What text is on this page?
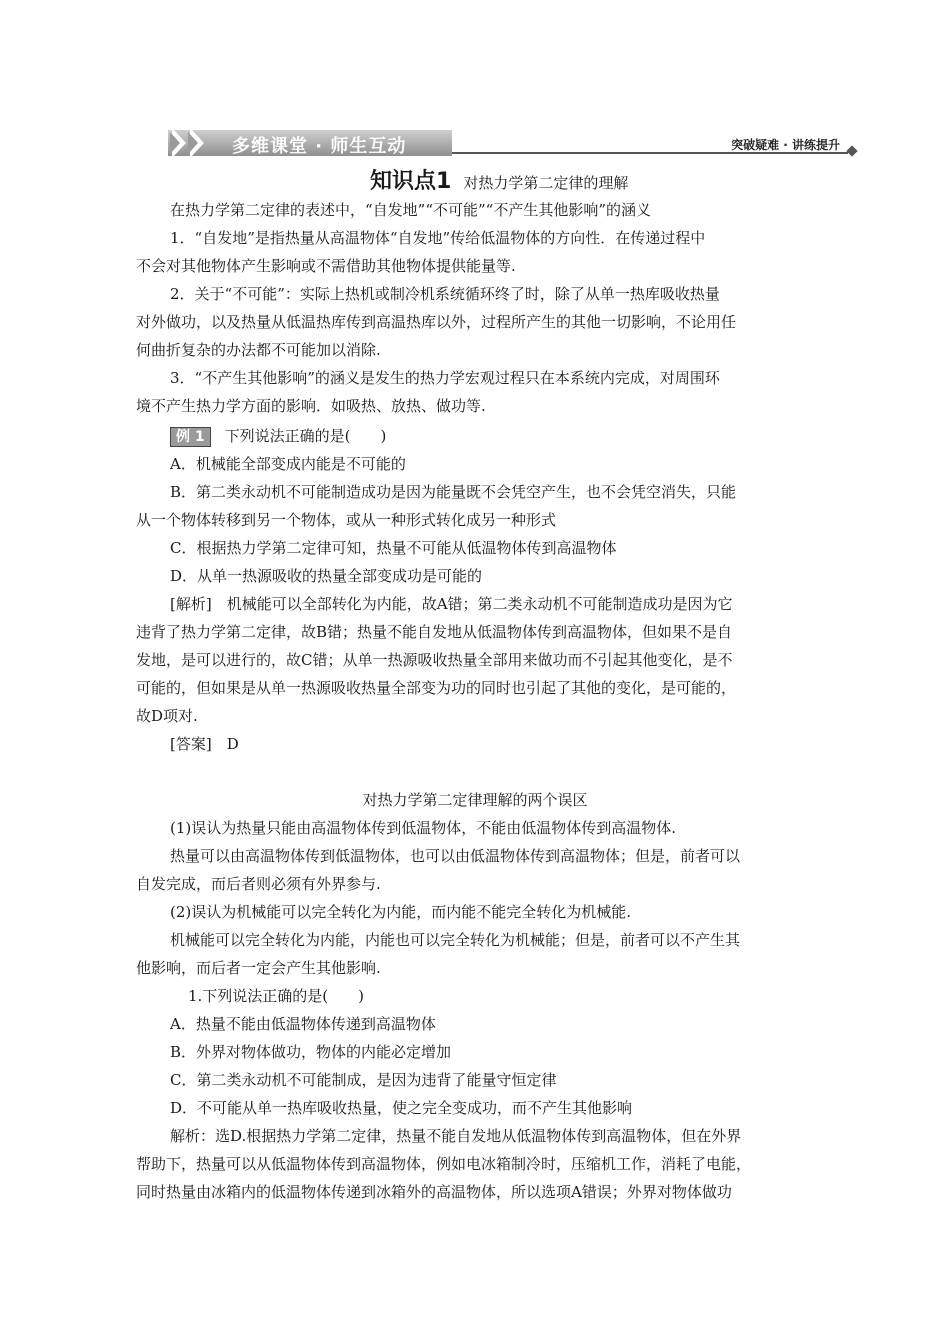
多维课堂 · 师生互动	突破疑难 · 讲练提升
知识点1 对热力学第二定律的理解
在热力学第二定律的表述中，“自发地”“不可能”“不产生其他影响”的涵义
1．“自发地”是指热量从高温物体“自发地”传给低温物体的方向性．在传递过程中
不会对其他物体产生影响或不需借助其他物体提供能量等.
2．关于“不可能”：实际上热机或制冷机系统循环终了时，除了从单一热库吸收热量
对外做功，以及热量从低温热库传到高温热库以外，过程所产生的其他一切影响，不论用任
何曲折复杂的办法都不可能加以消除.
3．“不产生其他影响”的涵义是发生的热力学宏观过程只在本系统内完成，对周围环
境不产生热力学方面的影响．如吸热、放热、做功等.
例 1 下列说法正确的是(　　)
A．机械能全部变成内能是不可能的
B．第二类永动机不可能制造成功是因为能量既不会凭空产生，也不会凭空消失，只能
从一个物体转移到另一个物体，或从一种形式转化成另一种形式
C．根据热力学第二定律可知，热量不可能从低温物体传到高温物体
D．从单一热源吸收的热量全部变成功是可能的
[解析]　机械能可以全部转化为内能，故A错；第二类永动机不可能制造成功是因为它
违背了热力学第二定律，故B错；热量不能自发地从低温物体传到高温物体，但如果不是自
发地，是可以进行的，故C错；从单一热源吸收热量全部用来做功而不引起其他变化，是不
可能的，但如果是从单一热源吸收热量全部变为功的同时也引起了其他的变化，是可能的，
故D项对.
[答案]　D
对热力学第二定律理解的两个误区
(1)误认为热量只能由高温物体传到低温物体，不能由低温物体传到高温物体.
热量可以由高温物体传到低温物体，也可以由低温物体传到高温物体；但是，前者可以
自发完成，而后者则必须有外界参与.
(2)误认为机械能可以完全转化为内能，而内能不能完全转化为机械能.
机械能可以完全转化为内能，内能也可以完全转化为机械能；但是，前者可以不产生其
他影响，而后者一定会产生其他影响.
1.下列说法正确的是(　　)
A．热量不能由低温物体传递到高温物体
B．外界对物体做功，物体的内能必定增加
C．第二类永动机不可能制成，是因为违背了能量守恒定律
D．不可能从单一热库吸收热量，使之完全变成功，而不产生其他影响
解析：选D.根据热力学第二定律，热量不能自发地从低温物体传到高温物体，但在外界
帮助下，热量可以从低温物体传到高温物体，例如电冰箱制冷时，压缩机工作，消耗了电能，
同时热量由冰箱内的低温物体传递到冰箱外的高温物体，所以选项A错误；外界对物体做功
